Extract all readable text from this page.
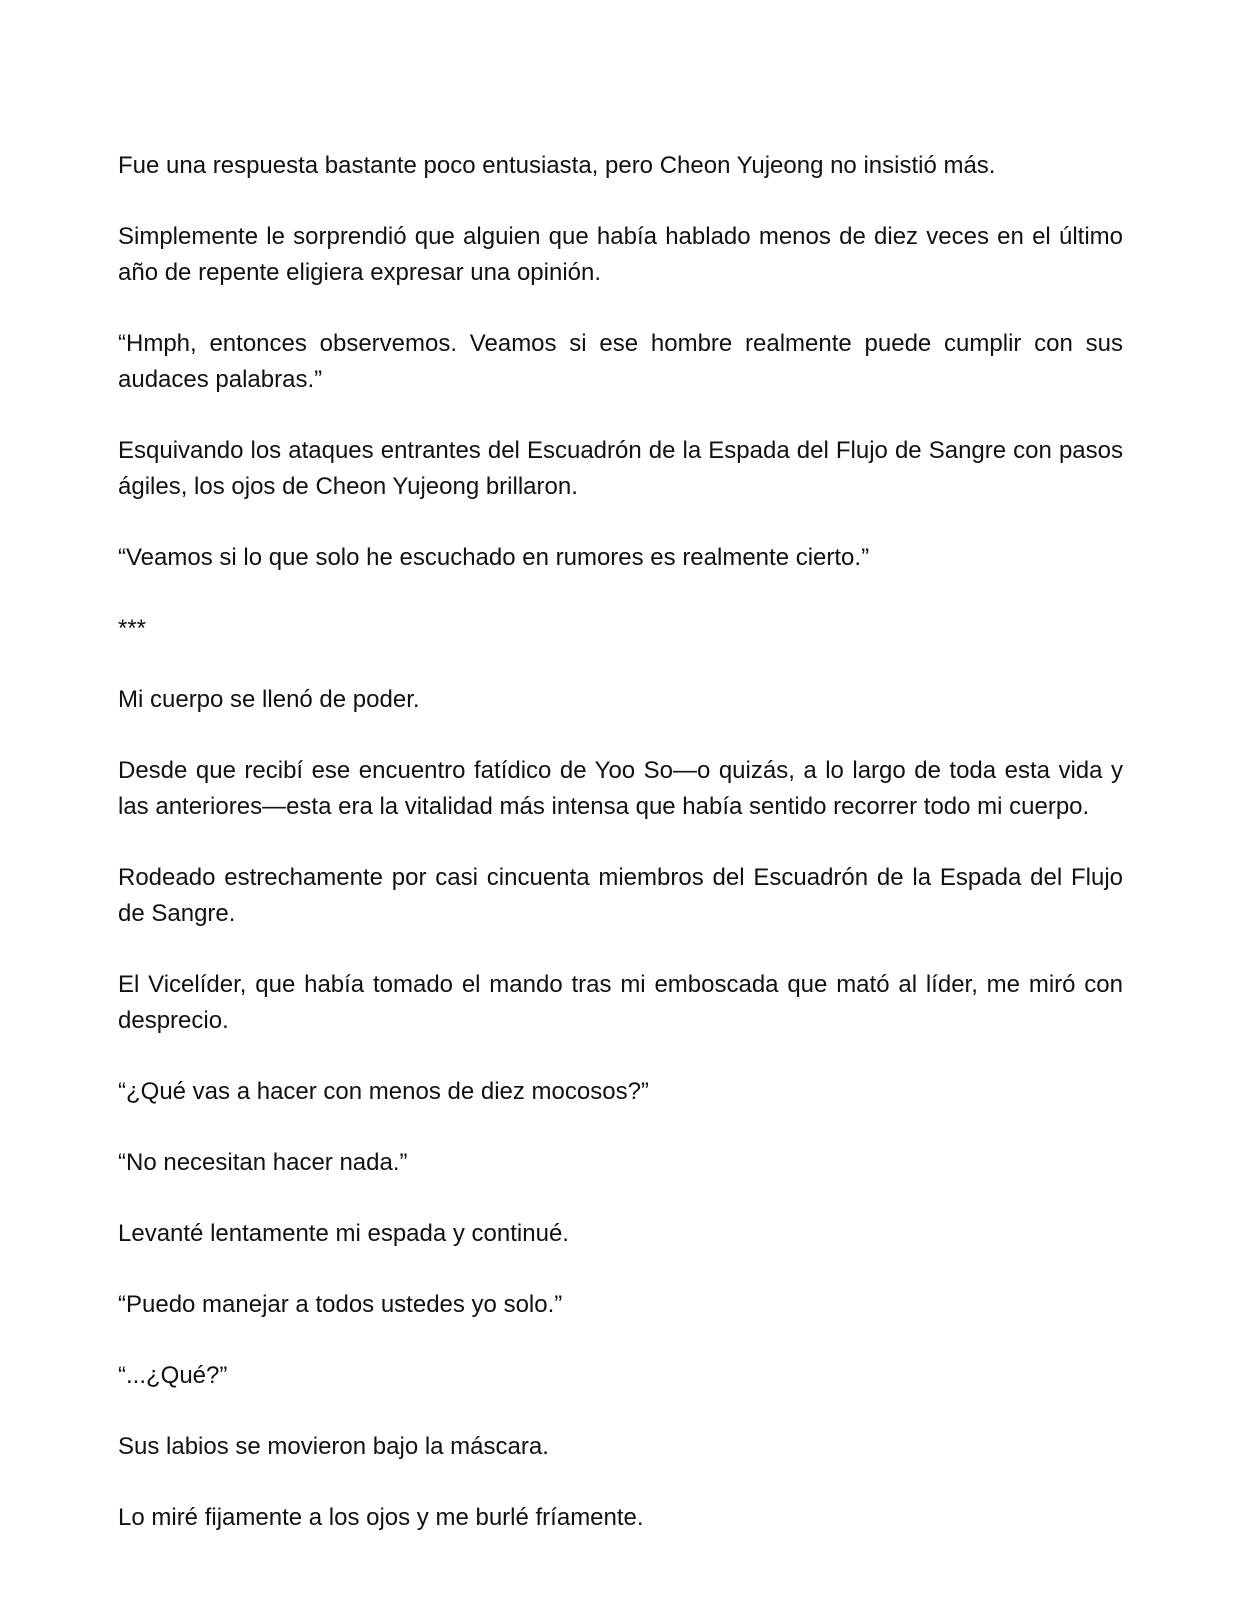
Fue una respuesta bastante poco entusiasta, pero Cheon Yujeong no insistió más.

Simplemente le sorprendió que alguien que había hablado menos de diez veces en el último año de repente eligiera expresar una opinión.

“Hmph, entonces observemos. Veamos si ese hombre realmente puede cumplir con sus audaces palabras.”

Esquivando los ataques entrantes del Escuadrón de la Espada del Flujo de Sangre con pasos ágiles, los ojos de Cheon Yujeong brillaron.

“Veamos si lo que solo he escuchado en rumores es realmente cierto.”

***

Mi cuerpo se llenó de poder.

Desde que recibí ese encuentro fatídico de Yoo So—o quizás, a lo largo de toda esta vida y las anteriores—esta era la vitalidad más intensa que había sentido recorrer todo mi cuerpo.

Rodeado estrechamente por casi cincuenta miembros del Escuadrón de la Espada del Flujo de Sangre.

El Vicelíder, que había tomado el mando tras mi emboscada que mató al líder, me miró con desprecio.

“¿Qué vas a hacer con menos de diez mocosos?”

“No necesitan hacer nada.”

Levanté lentamente mi espada y continué.

“Puedo manejar a todos ustedes yo solo.”

“...¿Qué?”

Sus labios se movieron bajo la máscara.

Lo miré fijamente a los ojos y me burlé fríamente.
